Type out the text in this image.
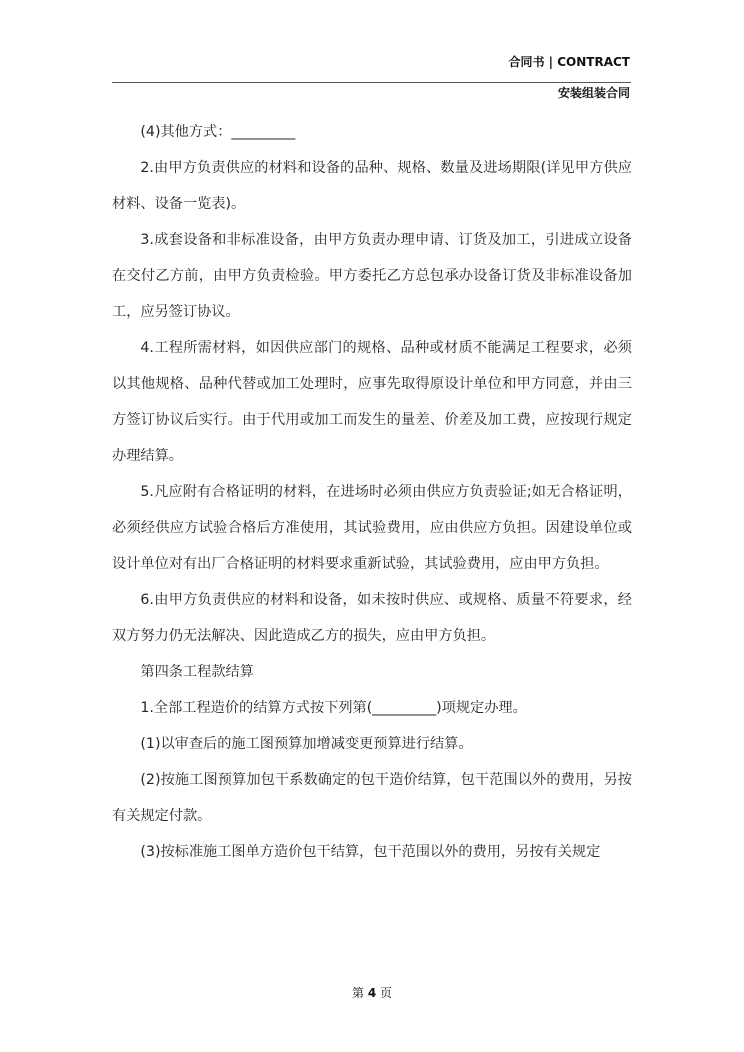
合同书 | CONTRACT
安装组装合同

(4)其他方式：_________

2.由甲方负责供应的材料和设备的品种、规格、数量及进场期限(详见甲方供应材料、设备一览表)。

3.成套设备和非标准设备，由甲方负责办理申请、订货及加工，引进成立设备在交付乙方前，由甲方负责检验。甲方委托乙方总包承办设备订货及非标准设备加工，应另签订协议。

4.工程所需材料，如因供应部门的规格、品种或材质不能满足工程要求，必须以其他规格、品种代替或加工处理时，应事先取得原设计单位和甲方同意，并由三方签订协议后实行。由于代用或加工而发生的量差、价差及加工费，应按现行规定办理结算。

5.凡应附有合格证明的材料，在进场时必须由供应方负责验证;如无合格证明，必须经供应方试验合格后方准使用，其试验费用，应由供应方负担。因建设单位或设计单位对有出厂合格证明的材料要求重新试验，其试验费用，应由甲方负担。

6.由甲方负责供应的材料和设备，如未按时供应、或规格、质量不符要求，经双方努力仍无法解决、因此造成乙方的损失，应由甲方负担。

第四条工程款结算

1.全部工程造价的结算方式按下列第(_________)项规定办理。

(1)以审查后的施工图预算加增减变更预算进行结算。

(2)按施工图预算加包干系数确定的包干造价结算，包干范围以外的费用，另按有关规定付款。

(3)按标准施工图单方造价包干结算，包干范围以外的费用，另按有关规定

第 4 页
